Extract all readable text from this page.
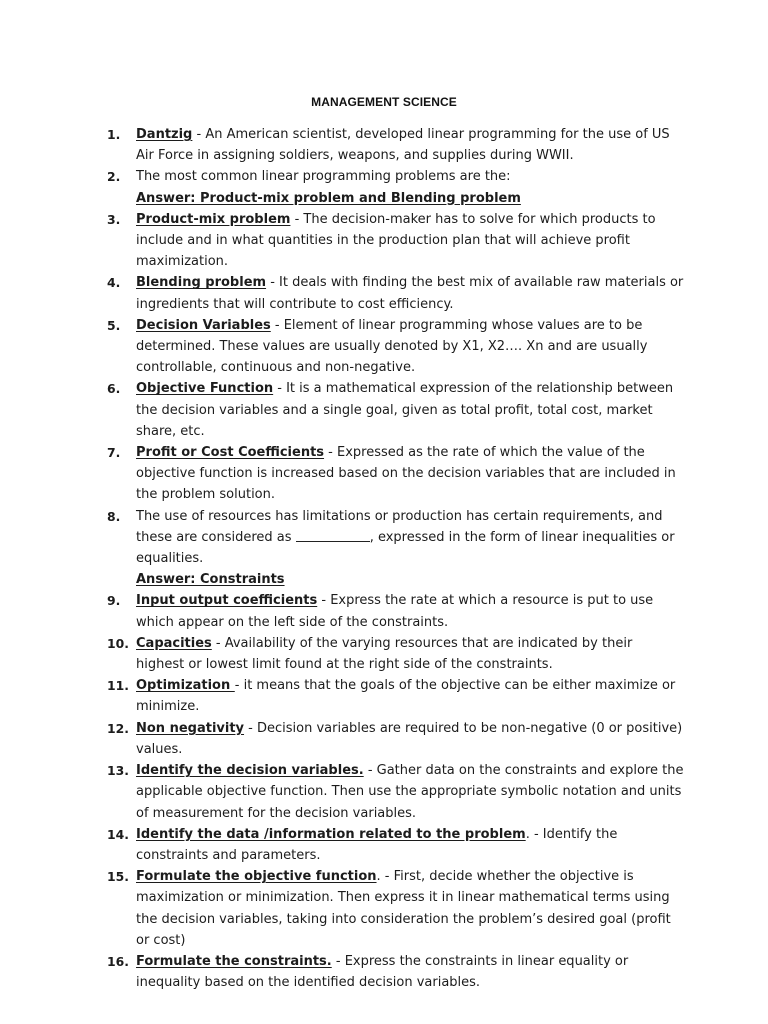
MANAGEMENT SCIENCE
1.	Dantzig - An American scientist, developed linear programming for the use of US Air Force in assigning soldiers, weapons, and supplies during WWII.
2.	The most common linear programming problems are the:
Answer: Product-mix problem and Blending problem
3.	Product-mix problem - The decision-maker has to solve for which products to include and in what quantities in the production plan that will achieve profit maximization.
4.	Blending problem - It deals with finding the best mix of available raw materials or ingredients that will contribute to cost efficiency.
5.	Decision Variables - Element of linear programming whose values are to be determined. These values are usually denoted by X1, X2…. Xn and are usually controllable, continuous and non-negative.
6.	Objective Function - It is a mathematical expression of the relationship between the decision variables and a single goal, given as total profit, total cost, market share, etc.
7.	Profit or Cost Coefficients - Expressed as the rate of which the value of the objective function is increased based on the decision variables that are included in the problem solution.
8.	The use of resources has limitations or production has certain requirements, and these are considered as	, expressed in the form of linear inequalities or equalities.
Answer: Constraints
9.	Input output coefficients - Express the rate at which a resource is put to use which appear on the left side of the constraints.
10. Capacities - Availability of the varying resources that are indicated by their highest or lowest limit found at the right side of the constraints.
11. Optimization - it means that the goals of the objective can be either maximize or minimize.
12. Non negativity - Decision variables are required to be non-negative (0 or positive) values.
13. Identify the decision variables. - Gather data on the constraints and explore the applicable objective function. Then use the appropriate symbolic notation and units of measurement for the decision variables.
14. Identify the data /information related to the problem. - Identify the constraints and parameters.
15. Formulate the objective function. - First, decide whether the objective is maximization or minimization. Then express it in linear mathematical terms using the decision variables, taking into consideration the problem’s desired goal (profit or cost)
16. Formulate the constraints. - Express the constraints in linear equality or inequality based on the identified decision variables.
